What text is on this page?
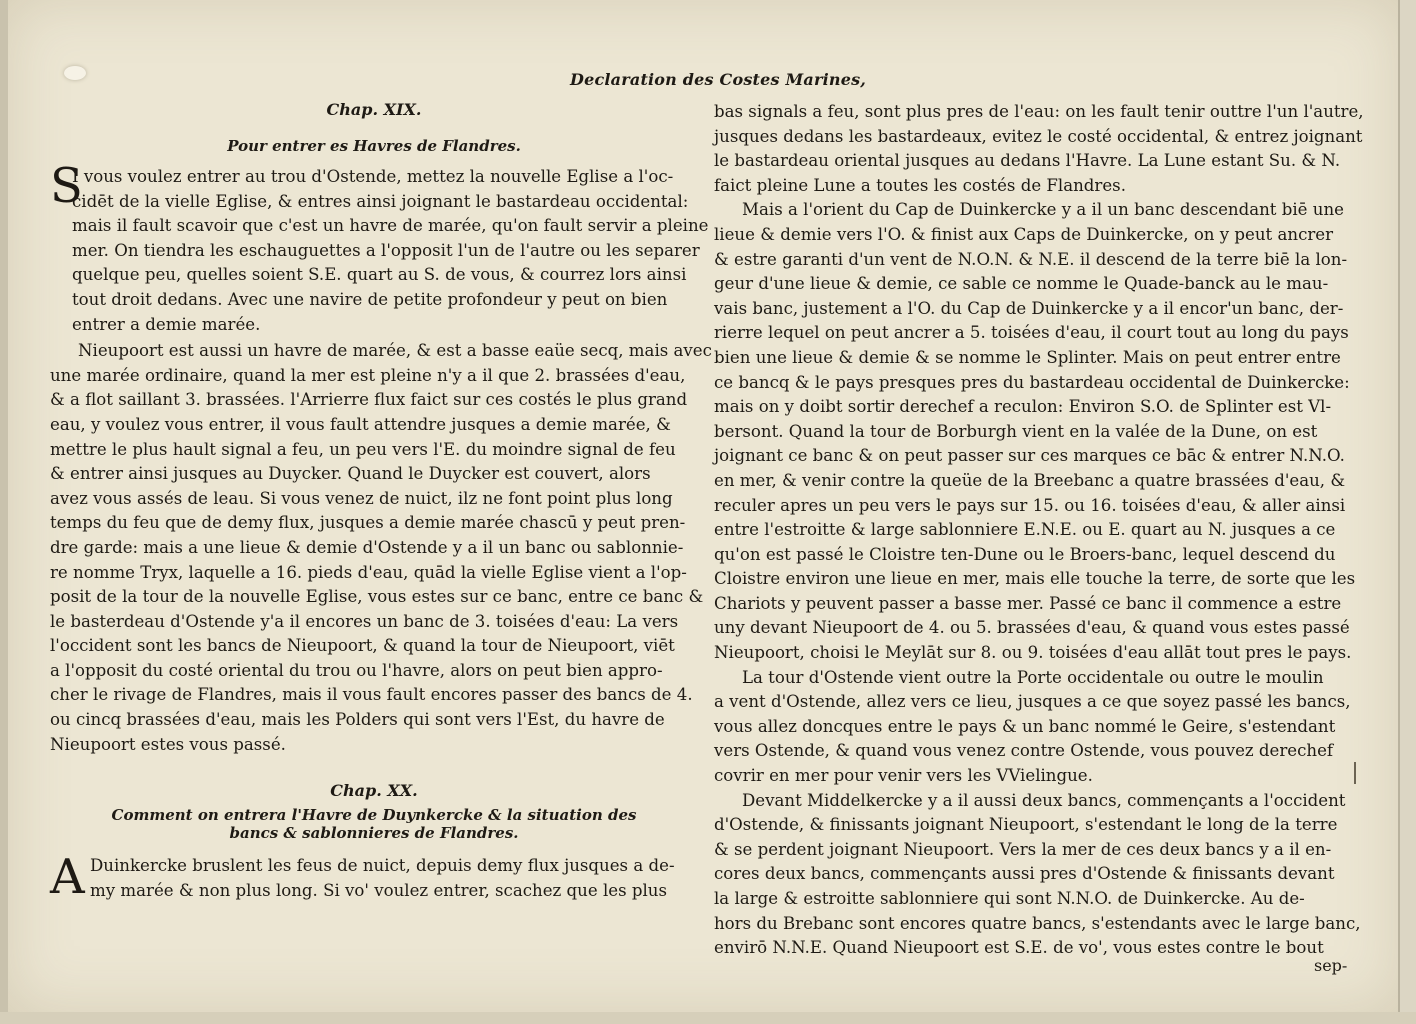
Declaration des Costes Marines,

Chap. XIX.

Pour entrer es Havres de Flandres.

S

I vous voulez entrer au trou d'Ostende, mettez la nouvelle Eglise a l'oc-

cidēt de la vielle Eglise, & entres ainsi joignant le bastardeau occidental:

mais il fault scavoir que c'est un havre de marée, qu'on fault servir a pleine

mer. On tiendra les eschauguettes a l'opposit l'un de l'autre ou les separer

quelque peu, quelles soient S.E. quart au S. de vous, & courrez lors ainsi

tout droit dedans. Avec une navire de petite profondeur y peut on bien

entrer a demie marée.

Nieupoort est aussi un havre de marée, & est a basse eaüe secq, mais avec

une marée ordinaire, quand la mer est pleine n'y a il que 2. brassées d'eau,

& a flot saillant 3. brassées. l'Arrierre flux faict sur ces costés le plus grand

eau, y voulez vous entrer, il vous fault attendre jusques a demie marée, &

mettre le plus hault signal a feu, un peu vers l'E. du moindre signal de feu

& entrer ainsi jusques au Duycker. Quand le Duycker est couvert, alors

avez vous assés de leau. Si vous venez de nuict, ilz ne font point plus long

temps du feu que de demy flux, jusques a demie marée chascū y peut pren-

dre garde: mais a une lieue & demie d'Ostende y a il un banc ou sablonnie-

re nomme Tryx, laquelle a 16. pieds d'eau, quād la vielle Eglise vient a l'op-

posit de la tour de la nouvelle Eglise, vous estes sur ce banc, entre ce banc &

le basterdeau d'Ostende y'a il encores un banc de 3. toisées d'eau: La vers

l'occident sont les bancs de Nieupoort, & quand la tour de Nieupoort, viēt

a l'opposit du costé oriental du trou ou l'havre, alors on peut bien appro-

cher le rivage de Flandres, mais il vous fault encores passer des bancs de 4.

ou cincq brassées d'eau, mais les Polders qui sont vers l'Est, du havre de

Nieupoort estes vous passé.

Chap. XX.

Comment on entrera l'Havre de Duynkercke & la situation des

bancs & sablonnieres de Flandres.

A Duinkercke bruslent les feus de nuict, depuis demy flux jusques a de-

my marée & non plus long. Si vo' voulez entrer, scachez que les plus

bas signals a feu, sont plus pres de l'eau: on les fault tenir outtre l'un l'autre,

jusques dedans les bastardeaux, evitez le costé occidental, & entrez joignant

le bastardeau oriental jusques au dedans l'Havre. La Lune estant Su. & N.

faict pleine Lune a toutes les costés de Flandres.

Mais a l'orient du Cap de Duinkercke y a il un banc descendant biē une

lieue & demie vers l'O. & finist aux Caps de Duinkercke, on y peut ancrer

& estre garanti d'un vent de N.O.N. & N.E. il descend de la terre biē la lon-

geur d'une lieue & demie, ce sable ce nomme le Quade-banck au le mau-

vais banc, justement a l'O. du Cap de Duinkercke y a il encor'un banc, der-

rierre lequel on peut ancrer a 5. toisées d'eau, il court tout au long du pays

bien une lieue & demie & se nomme le Splinter. Mais on peut entrer entre

ce bancq & le pays presques pres du bastardeau occidental de Duinkercke:

mais on y doibt sortir derechef a reculon: Environ S.O. de Splinter est Vl-

bersont. Quand la tour de Borburgh vient en la valée de la Dune, on est

joignant ce banc & on peut passer sur ces marques ce bāc & entrer N.N.O.

en mer, & venir contre la queüe de la Breebanc a quatre brassées d'eau, &

reculer apres un peu vers le pays sur 15. ou 16. toisées d'eau, & aller ainsi

entre l'estroitte & large sablonniere E.N.E. ou E. quart au N. jusques a ce

qu'on est passé le Cloistre ten-Dune ou le Broers-banc, lequel descend du

Cloistre environ une lieue en mer, mais elle touche la terre, de sorte que les

Chariots y peuvent passer a basse mer. Passé ce banc il commence a estre

uny devant Nieupoort de 4. ou 5. brassées d'eau, & quand vous estes passé

Nieupoort, choisi le Meylāt sur 8. ou 9. toisées d'eau allāt tout pres le pays.

La tour d'Ostende vient outre la Porte occidentale ou outre le moulin

a vent d'Ostende, allez vers ce lieu, jusques a ce que soyez passé les bancs,

vous allez doncques entre le pays & un banc nommé le Geire, s'estendant

vers Ostende, & quand vous venez contre Ostende, vous pouvez derechef

covrir en mer pour venir vers les VVielingue.

Devant Middelkercke y a il aussi deux bancs, commençants a l'occident

d'Ostende, & finissants joignant Nieupoort, s'estendant le long de la terre

& se perdent joignant Nieupoort. Vers la mer de ces deux bancs y a il en-

cores deux bancs, commençants aussi pres d'Ostende & finissants devant

la large & estroitte sablonniere qui sont N.N.O. de Duinkercke. Au de-

hors du Brebanc sont encores quatre bancs, s'estendants avec le large banc,

envirō N.N.E. Quand Nieupoort est S.E. de vo', vous estes contre le bout

sep-
